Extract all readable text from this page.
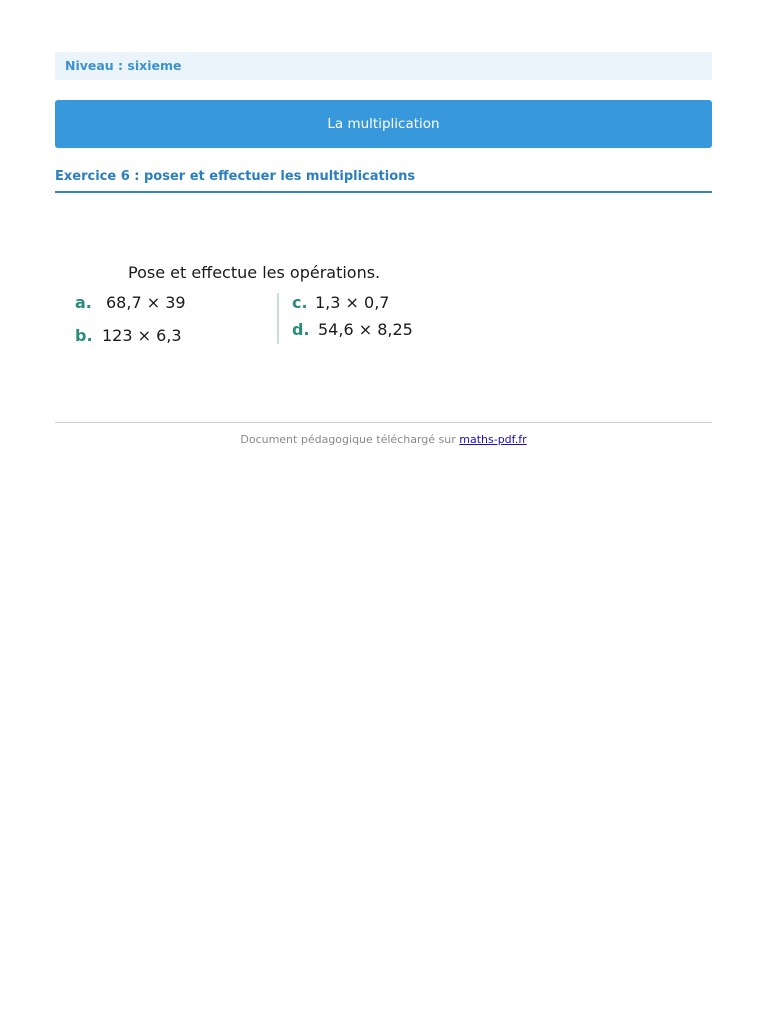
Niveau : sixieme
La multiplication
Exercice 6 : poser et effectuer les multiplications
Pose et effectue les opérations.
a. 68,7 × 39
b. 123 × 6,3
c. 1,3 × 0,7
d. 54,6 × 8,25
Document pédagogique téléchargé sur maths-pdf.fr
